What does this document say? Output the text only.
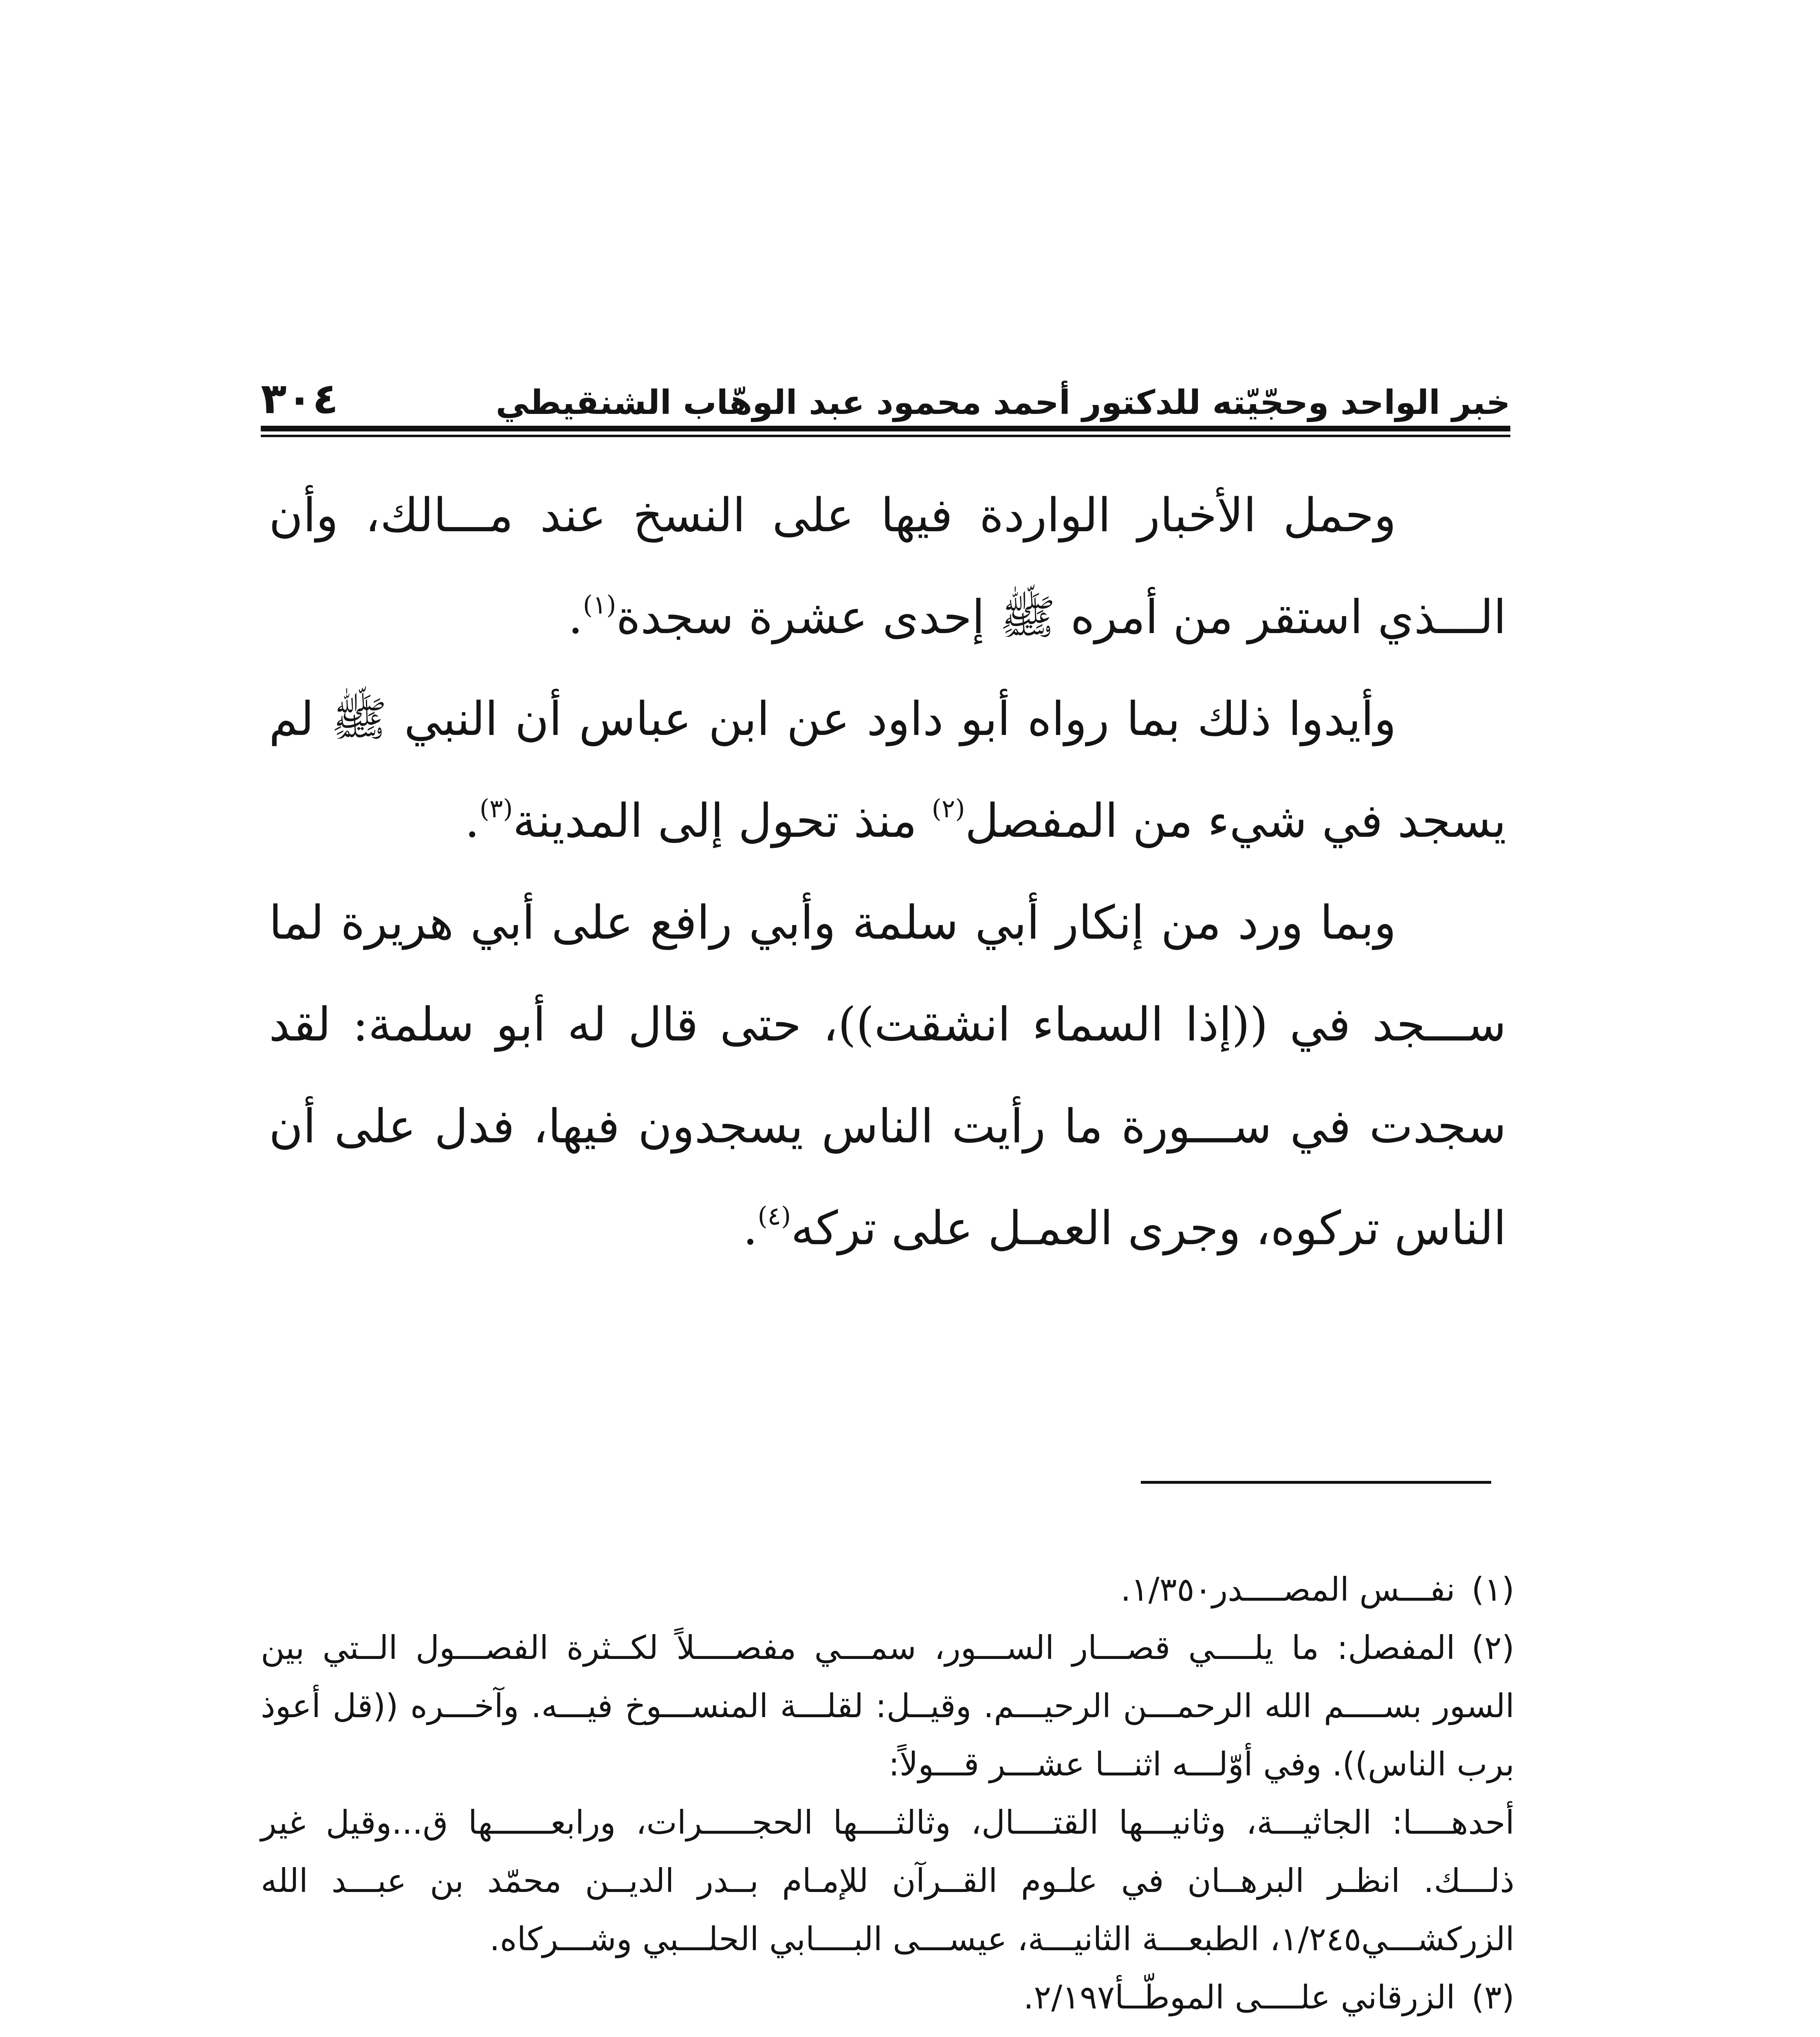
خبر الواحد وحجّيّته للدكتور أحمد محمود عبد الوهّاب الشنقيطي
٣٠٤

وحمل الأخبار الواردة فيها على النسخ عند مـــالك، وأن الـــذي استقر من أمره ﷺ إحدى عشرة سجدة$^{(١)}$.

وأيدوا ذلك بما رواه أبو داود عن ابن عباس أن النبي ﷺ لم يسجد في شيء من المفصل$^{(٢)}$ منذ تحول إلى المدينة$^{(٣)}$.

وبما ورد من إنكار أبي سلمة وأبي رافع على أبي هريرة لما ســـجد في ((إذا السماء انشقت))، حتى قال له أبو سلمة: لقد سجدت في ســـورة ما رأيت الناس يسجدون فيها، فدل على أن الناس تركوه، وجرى العمـل على تركه$^{(٤)}$.

(١)نفـــس المصــــدر١/٣٥٠.

(٢)المفصل: ما يلــــي قصـــار الســـور، سمـــي مفصــــلاً لكــثرة الفصـــول الــتي بين السور بســــم الله الرحمـــن الرحيـــم. وقيــل: لقلـــة المنســـوخ فيـــه. وآخـــره ((قل أعوذ برب الناس)). وفي أوّلـــه اثنـــا عشـــر قـــولاً:

أحدهــــا: الجاثيـــة، وثانيـــها القتــــال، وثالثــــها الحجـــــرات، ورابعــــــها ق...وقيل غير ذلـــك. انظـر البرهــان في علـوم القــرآن للإمـام بــدر الديــن محمّد بن عبـــد الله الزركشـــي١/٢٤٥، الطبعـــة الثانيـــة، عيســـى البــــابي الحلـــبي وشـــركاه.

(٣)الزرقاني علــــى الموطّــأ٢/١٩٧.
